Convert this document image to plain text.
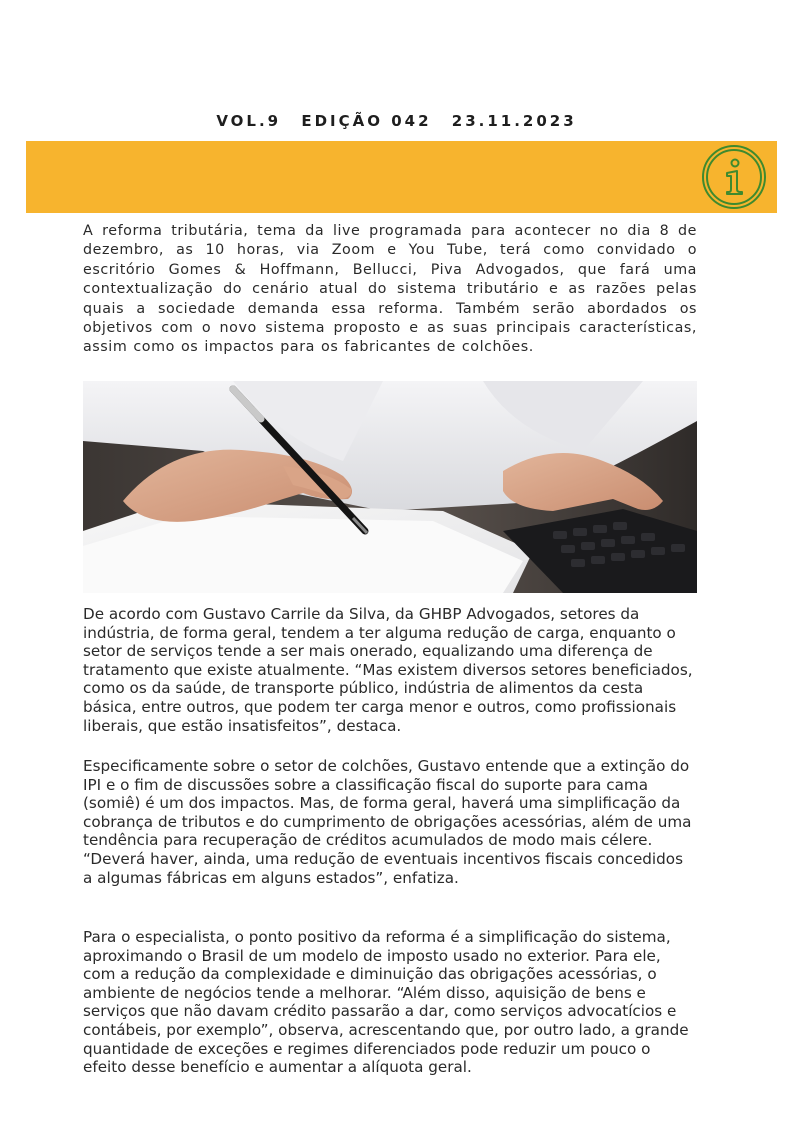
VOL.9 EDIÇÃO 042 23.11.2023

A reforma tributária, tema da live programada para acontecer no dia 8 de dezembro, as 10 horas, via Zoom e You Tube, terá como convidado o escritório Gomes & Hoffmann, Bellucci, Piva Advogados, que fará uma contextualização do cenário atual do sistema tributário e as razões pelas quais a sociedade demanda essa reforma. Também serão abordados os objetivos com o novo sistema proposto e as suas principais características, assim como os impactos para os fabricantes de colchões.

De acordo com Gustavo Carrile da Silva, da GHBP Advogados, setores da indústria, de forma geral, tendem a ter alguma redução de carga, enquanto o setor de serviços tende a ser mais onerado, equalizando uma diferença de tratamento que existe atualmente. “Mas existem diversos setores beneficiados, como os da saúde, de transporte público, indústria de alimentos da cesta básica, entre outros, que podem ter carga menor e outros, como profissionais liberais, que estão insatisfeitos”, destaca.

Especificamente sobre o setor de colchões, Gustavo entende que a extinção do IPI e o fim de discussões sobre a classificação fiscal do suporte para cama (somiê) é um dos impactos. Mas, de forma geral, haverá uma simplificação da cobrança de tributos e do cumprimento de obrigações acessórias, além de uma tendência para recuperação de créditos acumulados de modo mais célere. “Deverá haver, ainda, uma redução de eventuais incentivos fiscais concedidos a algumas fábricas em alguns estados”, enfatiza.

Para o especialista, o ponto positivo da reforma é a simplificação do sistema, aproximando o Brasil de um modelo de imposto usado no exterior. Para ele, com a redução da complexidade e diminuição das obrigações acessórias, o ambiente de negócios tende a melhorar. “Além disso, aquisição de bens e serviços que não davam crédito passarão a dar, como serviços advocatícios e contábeis, por exemplo”, observa, acrescentando que, por outro lado, a grande quantidade de exceções e regimes diferenciados pode reduzir um pouco o efeito desse benefício e aumentar a alíquota geral.
